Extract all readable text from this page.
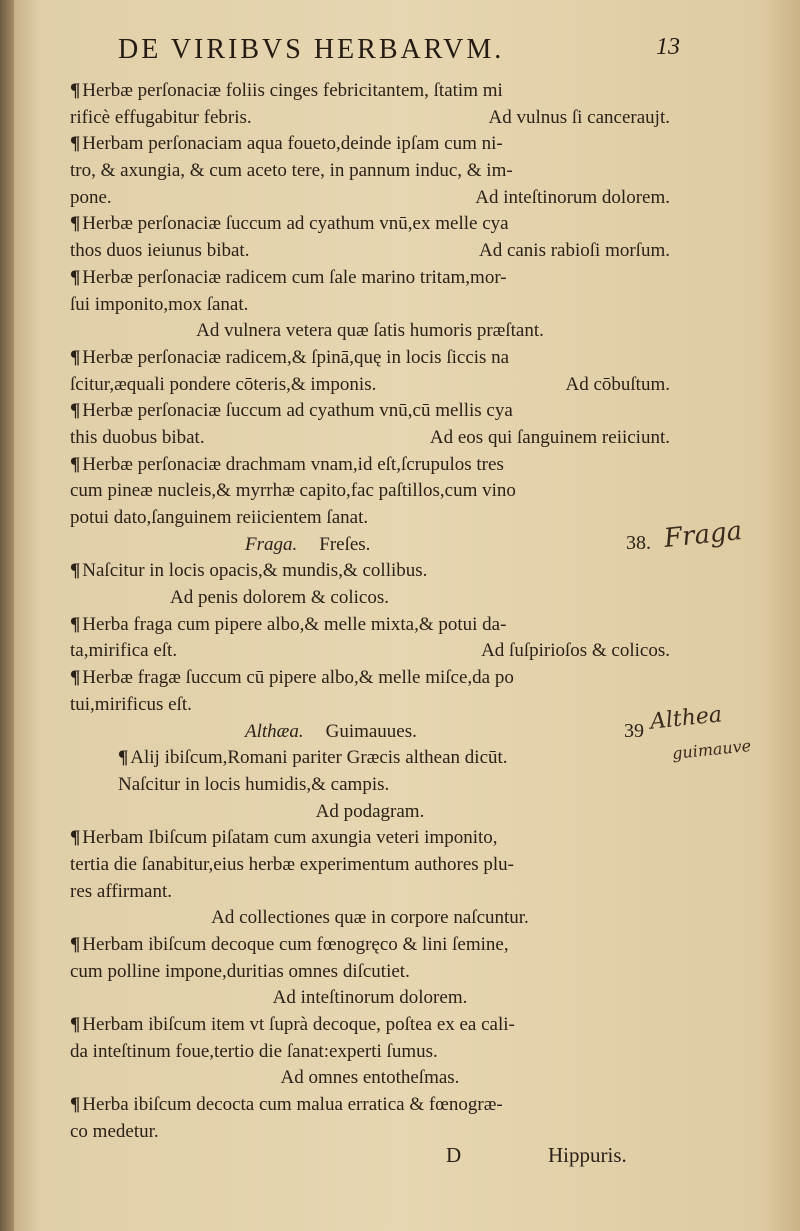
DE VIRIBVS HERBARVM.	13
¶ Herbæ perſonaciæ foliis cinges febricitantem, ſtatim mi
rificè effugabitur febris.	Ad vulnus ſi canceraujt.
¶ Herbam perſonaciam aqua foueto,deinde ipſam cum ni-
tro, & axungia, & cum aceto tere, in pannum induc, & im-
pone.	Ad inteſtinorum dolorem.
¶ Herbæ perſonaciæ ſuccum ad cyathum vnū,ex melle cya
thos duos ieiunus bibat.	Ad canis rabioſi morſum.
¶ Herbæ perſonaciæ radicem cum ſale marino tritam,mor-
ſui imponito,mox ſanat.
Ad vulnera vetera quæ ſatis humoris præſtant.
¶ Herbæ perſonaciæ radicem,& ſpinā,quę in locis ſiccis na
ſcitur,æquali pondere cōteris,& imponis.	Ad cōbuſtum.
¶ Herbæ perſonaciæ ſuccum ad cyathum vnū,cū mellis cya
this duobus bibat.	Ad eos qui ſanguinem reiiciunt.
¶ Herbæ perſonaciæ drachmam vnam,id eſt,ſcrupulos tres
cum pineæ nucleis,& myrrhæ capito,fac paſtillos,cum vino
potui dato,ſanguinem reiicientem ſanat.
Fraga. Freſes.
¶ Naſcitur in locis opacis,& mundis,& collibus.
Ad penis dolorem & colicos.
¶ Herba fraga cum pipere albo,& melle mixta,& potui da-
ta,mirifica eſt.	Ad ſuſpirioſos & colicos.
¶ Herbæ fragæ ſuccum cū pipere albo,& melle miſce,da po
tui,mirificus eſt.
Althæa. Guimauues.
¶ Alij ibiſcum,Romani pariter Græcis althean dicūt.
Naſcitur in locis humidis,& campis.
Ad podagram.
¶ Herbam Ibiſcum piſatam cum axungia veteri imponito,
tertia die ſanabitur,eius herbæ experimentum authores plu-
res affirmant.
Ad collectiones quæ in corpore naſcuntur.
¶ Herbam ibiſcum decoque cum fœnogręco & lini ſemine,
cum polline impone,duritias omnes diſcutiet.
Ad inteſtinorum dolorem.
¶ Herbam ibiſcum item vt ſuprà decoque, poſtea ex ea cali-
da inteſtinum foue,tertio die ſanat:experti ſumus.
Ad omnes entotheſmas.
¶ Herba ibiſcum decocta cum malua erratica & fœnogræ-
co medetur.
38. Fraga
39 Althea
guimauve
D	Hippuris.
